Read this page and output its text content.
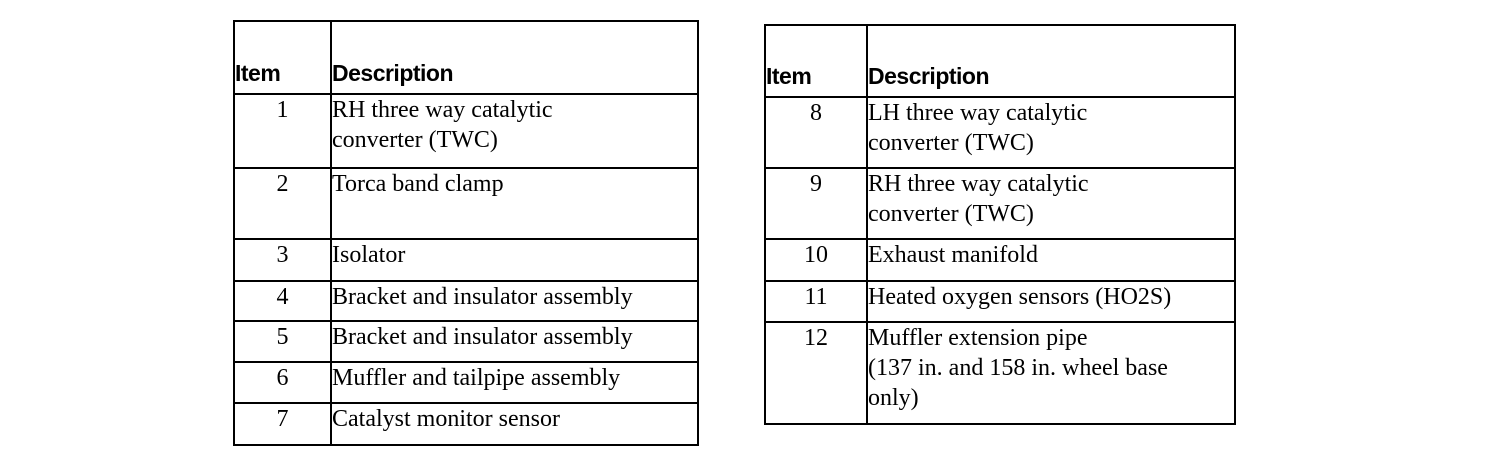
Item	Description
1	RH three way catalytic
converter (TWC)

2	Torca band clamp

3	Isolator

4	Bracket and insulator assembly

5	Bracket and insulator assembly

6	Muffler and tailpipe assembly

7	Catalyst monitor sensor
Item	Description
8	LH three way catalytic
converter (TWC)

9	RH three way catalytic
converter (TWC)

10	Exhaust manifold

11	Heated oxygen sensors (HO2S)

12	Muffler extension pipe
(137 in. and 158 in. wheel base
only)
